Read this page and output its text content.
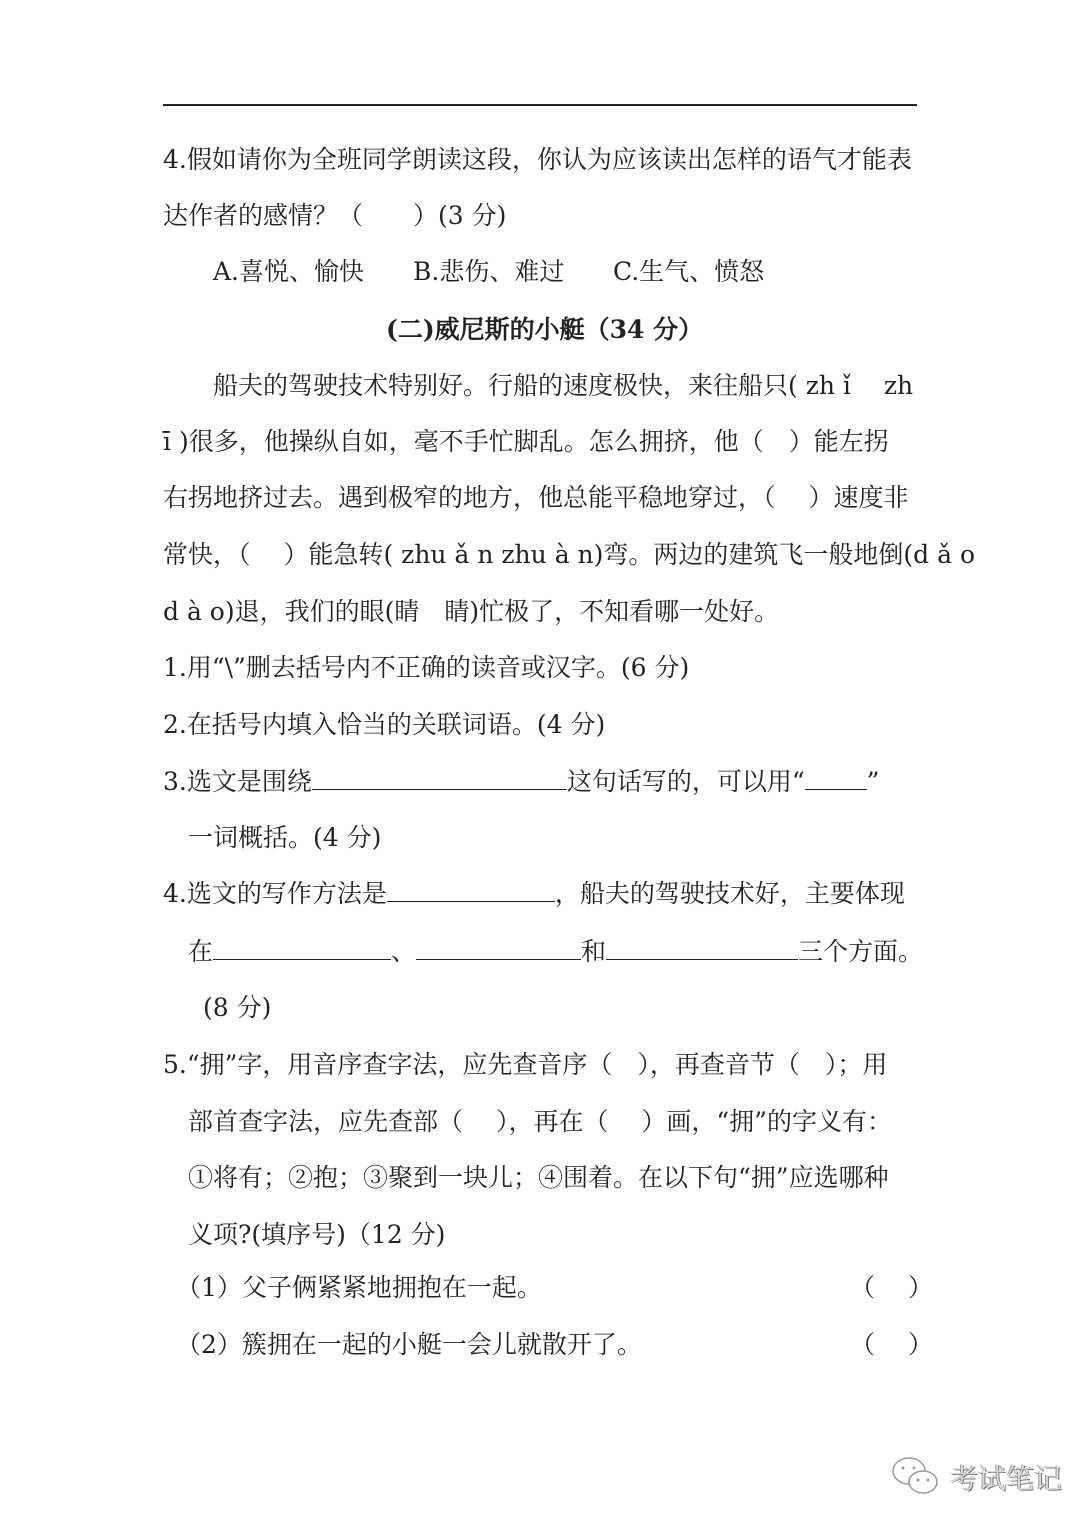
4.假如请你为全班同学朗读这段，你认为应该读出怎样的语气才能表
达作者的感情？（　　）(3 分)
A.喜悦、愉快 B.悲伤、难过 C.生气、愤怒
(二)威尼斯的小艇（34 分）
　　船夫的驾驶技术特别好。行船的速度极快，来往船只( zh ǐ　 zh
ī )很多，他操纵自如，毫不手忙脚乱。怎么拥挤，他（　）能左拐
右拐地挤过去。遇到极窄的地方，他总能平稳地穿过，（　 ）速度非
常快，（　 ）能急转( zhu ǎ n zhu à n)弯。两边的建筑飞一般地倒(d ǎ o
d à o)退，我们的眼(睛　睛)忙极了，不知看哪一处好。
1.用“\”删去括号内不正确的读音或汉字。(6 分)
2.在括号内填入恰当的关联词语。(4 分)
3.选文是围绕	这句话写的，可以用“ ”
一词概括。(4 分)
4.选文的写作方法是	，船夫的驾驶技术好，主要体现
在	、	和	三个方面。
(8 分)
5.“拥”字，用音序查字法，应先查音序（　），再查音节（　）；用
部首查字法，应先查部（　 ），再在（　 ）画，“拥”的字义有：
①将有；②抱；③聚到一块儿；④围着。在以下句“拥”应选哪种
义项?(填序号)（12 分)
（1）父子俩紧紧地拥抱在一起。	（　 ）
（2）簇拥在一起的小艇一会儿就散开了。	（　 ）
考试笔记
